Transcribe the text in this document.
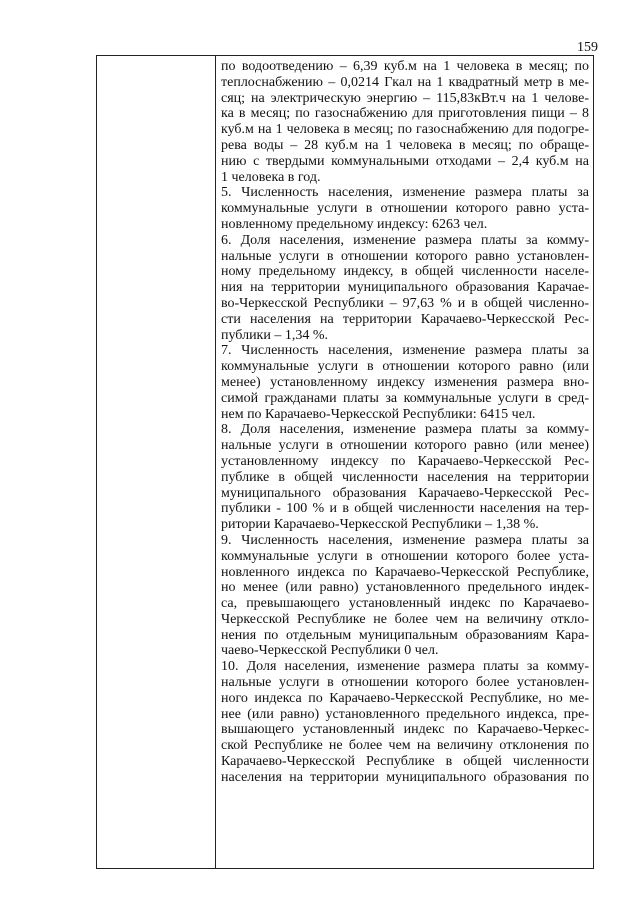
159
по водоотведению – 6,39 куб.м на 1 человека в месяц; по
теплоснабжению – 0,0214 Гкал на 1 квадратный метр в ме-
сяц; на электрическую энергию – 115,83кВт.ч на 1 челове-
ка в месяц; по газоснабжению для приготовления пищи – 8
куб.м на 1 человека в месяц; по газоснабжению для подогре-
рева воды – 28 куб.м на 1 человека в месяц; по обраще-
нию с твердыми коммунальными отходами – 2,4 куб.м на
1 человека в год.
5. Численность населения, изменение размера платы за
коммунальные услуги в отношении которого равно уста-
новленному предельному индексу: 6263 чел.
6. Доля населения, изменение размера платы за комму-
нальные услуги в отношении которого равно установлен-
ному предельному индексу, в общей численности населе-
ния на территории муниципального образования Карачае-
во-Черкесской Республики – 97,63 % и в общей численно-
сти населения на территории Карачаево-Черкесской Рес-
публики – 1,34 %.
7. Численность населения, изменение размера платы за
коммунальные услуги в отношении которого равно (или
менее) установленному индексу изменения размера вно-
симой гражданами платы за коммунальные услуги в сред-
нем по Карачаево-Черкесской Республики: 6415 чел.
8. Доля населения, изменение размера платы за комму-
нальные услуги в отношении которого равно (или менее)
установленному индексу по Карачаево-Черкесской Рес-
публике в общей численности населения на территории
муниципального образования Карачаево-Черкесской Рес-
публики - 100 % и в общей численности населения на тер-
ритории Карачаево-Черкесской Республики – 1,38 %.
9. Численность населения, изменение размера платы за
коммунальные услуги в отношении которого более уста-
новленного индекса по Карачаево-Черкесской Республике,
но менее (или равно) установленного предельного индек-
са, превышающего установленный индекс по Карачаево-
Черкесской Республике не более чем на величину откло-
нения по отдельным муниципальным образованиям Кара-
чаево-Черкесской Республики 0 чел.
10. Доля населения, изменение размера платы за комму-
нальные услуги в отношении которого более установлен-
ного индекса по Карачаево-Черкесской Республике, но ме-
нее (или равно) установленного предельного индекса, пре-
вышающего установленный индекс по Карачаево-Черкес-
ской Республике не более чем на величину отклонения по
Карачаево-Черкесской Республике в общей численности
населения на территории муниципального образования по
